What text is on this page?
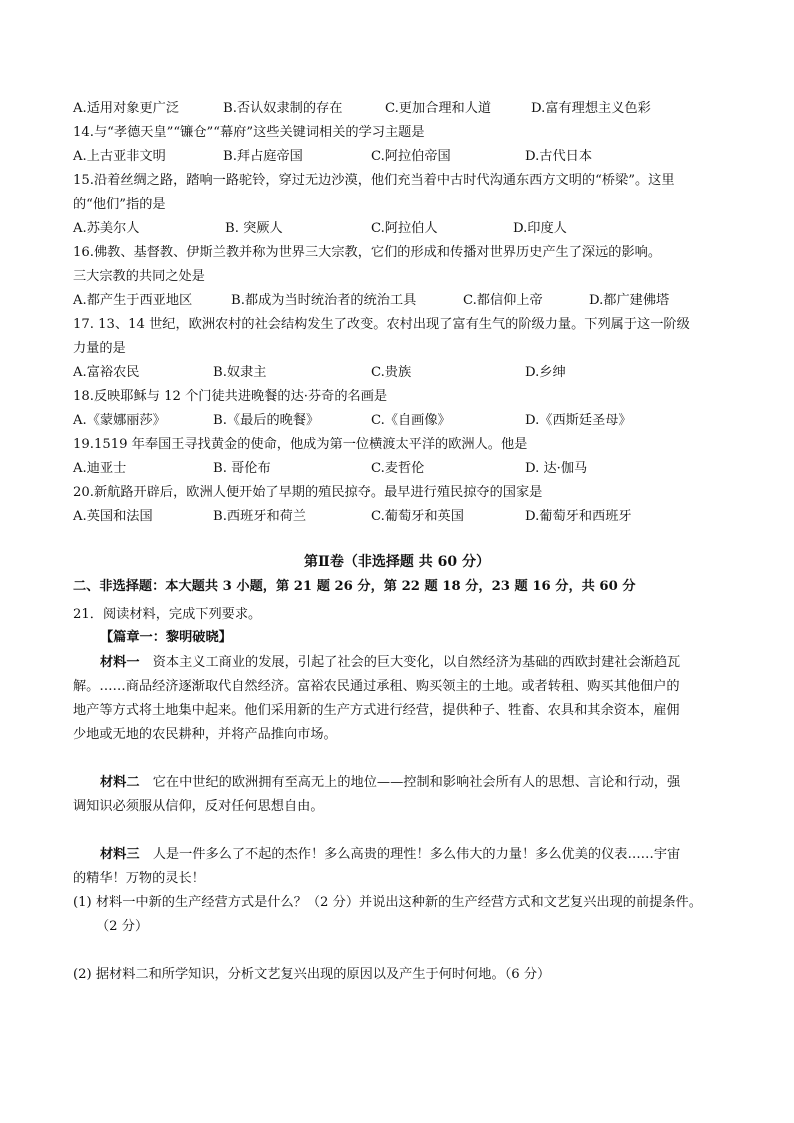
A.适用对象更广泛	B.否认奴隶制的存在	C.更加合理和人道	D.富有理想主义色彩
14.与“孝德天皇”“镰仓”“幕府”这些关键词相关的学习主题是
A.上古亚非文明	B.拜占庭帝国	C.阿拉伯帝国	D.古代日本
15.沿着丝绸之路，踏响一路驼铃，穿过无边沙漠，他们充当着中古时代沟通东西方文明的“桥梁”。这里
的“他们”指的是
A.苏美尔人	B. 突厥人	C.阿拉伯人	D.印度人
16.佛教、基督教、伊斯兰教并称为世界三大宗教，它们的形成和传播对世界历史产生了深远的影响。
三大宗教的共同之处是
A.都产生于西亚地区	B.都成为当时统治者的统治工具	C.都信仰上帝	D.都广建佛塔
17. 13、14 世纪，欧洲农村的社会结构发生了改变。农村出现了富有生气的阶级力量。下列属于这一阶级
力量的是
A.富裕农民	B.奴隶主	C.贵族	D.乡绅
18.反映耶稣与 12 个门徒共进晚餐的达·芬奇的名画是
A.《蒙娜丽莎》	B.《最后的晚餐》	C.《自画像》	D.《西斯廷圣母》
19.1519 年奉国王寻找黄金的使命，他成为第一位横渡太平洋的欧洲人。他是
A.迪亚士	B. 哥伦布	C.麦哲伦	D. 达·伽马
20.新航路开辟后，欧洲人便开始了早期的殖民掠夺。最早进行殖民掠夺的国家是
A.英国和法国	B.西班牙和荷兰	C.葡萄牙和英国	D.葡萄牙和西班牙
第Ⅱ卷（非选择题 共 60 分）
二、非选择题：本大题共 3 小题，第 21 题 26 分，第 22 题 18 分，23 题 16 分，共 60 分
21．阅读材料，完成下列要求。
【篇章一：黎明破晓】
材料一　资本主义工商业的发展，引起了社会的巨大变化，以自然经济为基础的西欧封建社会渐趋瓦
解。……商品经济逐渐取代自然经济。富裕农民通过承租、购买领主的土地。或者转租、购买其他佃户的
地产等方式将土地集中起来。他们采用新的生产方式进行经营，提供种子、牲畜、农具和其余资本，雇佣
少地或无地的农民耕种，并将产品推向市场。
材料二　它在中世纪的欧洲拥有至高无上的地位——控制和影响社会所有人的思想、言论和行动，强
调知识必须服从信仰，反对任何思想自由。
材料三　人是一件多么了不起的杰作！多么高贵的理性！多么伟大的力量！多么优美的仪表……宇宙
的精华！万物的灵长！
(1) 材料一中新的生产经营方式是什么？（2 分）并说出这种新的生产经营方式和文艺复兴出现的前提条件。
（2 分）
(2) 据材料二和所学知识，分析文艺复兴出现的原因以及产生于何时何地。（6 分）
